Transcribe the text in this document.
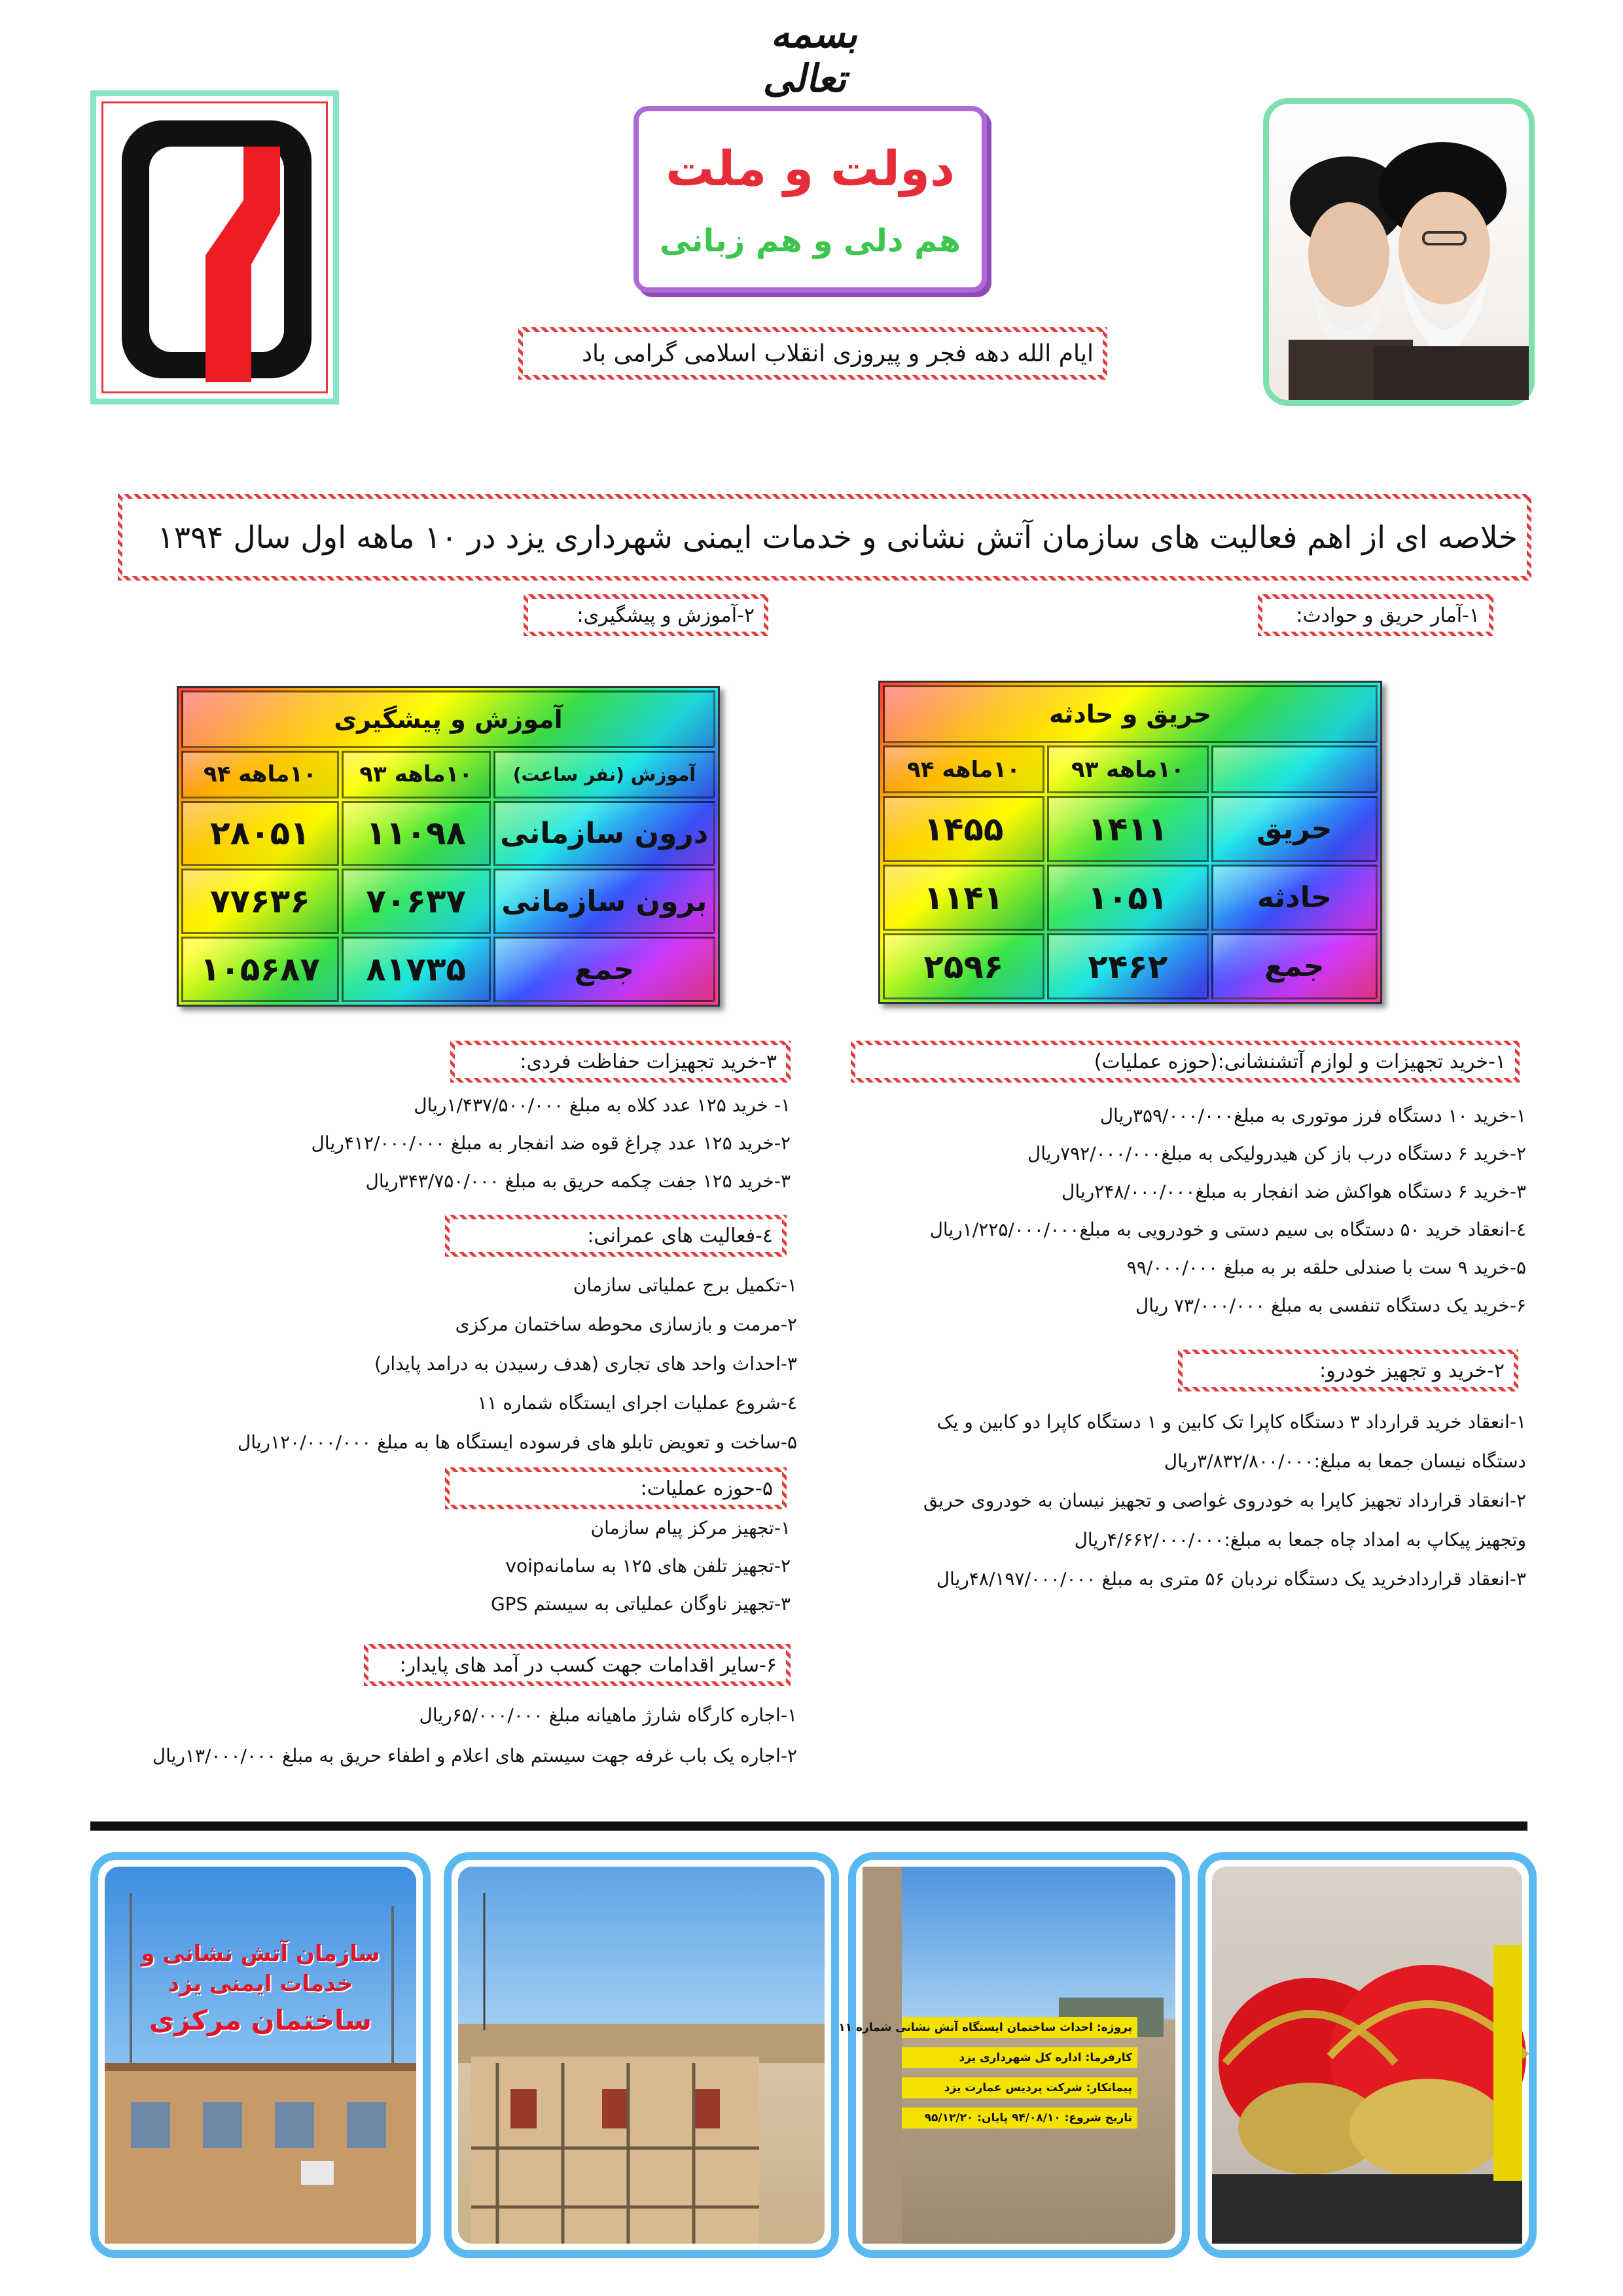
بسمه تعالی
دولت و ملت
هم دلی و هم زبانی
ایام الله دهه فجر و پیروزی انقلاب اسلامی گرامی باد
خلاصه ای از اهم فعالیت های سازمان آتش نشانی و خدمات ایمنی شهرداری یزد در ۱۰ ماهه اول سال ۱۳۹۴
۱-آمار حریق و حوادث:
۲-آموزش و پیشگیری:
حریق و حادثه		
	۱۰ماهه ۹۳	۱۰ماهه ۹۴
حریق	۱۴۱۱	۱۴۵۵
حادثه	۱۰۵۱	۱۱۴۱
جمع	۲۴۶۲	۲۵۹۶
آموزش و پیشگیری		
آموزش (نفر ساعت)	۱۰ماهه ۹۳	۱۰ماهه ۹۴
درون سازمانی	۱۱۰۹۸	۲۸۰۵۱
برون سازمانی	۷۰۶۳۷	۷۷۶۳۶
جمع	۸۱۷۳۵	۱۰۵۶۸۷
۱-خرید تجهیزات و لوازم آتشنشانی:(حوزه عملیات)
۱-خرید ۱۰ دستگاه فرز موتوری به مبلغ۳۵۹/۰۰۰/۰۰۰ریال
۲-خرید ۶ دستگاه درب باز کن هیدرولیکی به مبلغ۷۹۲/۰۰۰/۰۰۰ریال
۳-خرید ۶ دستگاه هواکش ضد انفجار به مبلغ۲۴۸/۰۰۰/۰۰۰ریال
٤-انعقاد خرید ۵۰ دستگاه بی سیم دستی و خودرویی به مبلغ۱/۲۲۵/۰۰۰/۰۰۰ریال
۵-خرید ۹ ست با صندلی حلقه بر به مبلغ ۹۹/۰۰۰/۰۰۰
۶-خرید یک دستگاه تنفسی به مبلغ ۷۳/۰۰۰/۰۰۰ ریال
۲-خرید و تجهیز خودرو:
۱-انعقاد خرید قرارداد ۳ دستگاه کاپرا تک کابین و ۱ دستگاه کاپرا دو کابین و یک
دستگاه نیسان جمعا به مبلغ:۳/۸۳۲/۸۰۰/۰۰۰ریال
۲-انعقاد قرارداد تجهیز کاپرا به خودروی غواصی و تجهیز نیسان به خودروی حریق
وتجهیز پیکاپ به امداد چاه جمعا به مبلغ:۴/۶۶۲/۰۰۰/۰۰۰ریال
۳-انعقاد قراردادخرید یک دستگاه نردبان ۵۶ متری به مبلغ ۴۸/۱۹۷/۰۰۰/۰۰۰ریال
۳-خرید تجهیزات حفاظت فردی:
۱- خرید ۱۲۵ عدد کلاه به مبلغ ۱/۴۳۷/۵۰۰/۰۰۰ریال
۲-خرید ۱۲۵ عدد چراغ قوه ضد انفجار به مبلغ ۴۱۲/۰۰۰/۰۰۰ریال
۳-خرید ۱۲۵ جفت چکمه حریق به مبلغ ۳۴۳/۷۵۰/۰۰۰ریال
٤-فعالیت های عمرانی:
۱-تکمیل برج عملیاتی سازمان
۲-مرمت و بازسازی محوطه ساختمان مرکزی
۳-احداث واحد های تجاری (هدف رسیدن به درامد پایدار)
٤-شروع عملیات اجرای ایستگاه شماره ۱۱
۵-ساخت و تعویض تابلو های فرسوده ایستگاه ها به مبلغ ۱۲۰/۰۰۰/۰۰۰ریال
۵-حوزه عملیات:
۱-تجهیز مرکز پیام سازمان
۲-تجهیز تلفن های ۱۲۵ به سامانهvoip
۳-تجهیز ناوگان عملیاتی به سیستم GPS
۶-سایر اقدامات جهت کسب در آمد های پایدار:
۱-اجاره کارگاه شارژ ماهیانه مبلغ ۶۵/۰۰۰/۰۰۰ریال
۲-اجاره یک باب غرفه جهت سیستم های اعلام و اطفاء حریق به مبلغ ۱۳/۰۰۰/۰۰۰ریال
سازمان آتش نشانی و خدمات ایمنی یزد
ساختمان مرکزی	پروژه: احداث ساختمان ایستگاه آتش نشانی شماره ۱۱
کارفرما: اداره کل شهرداری یزد
پیمانکار: شرکت پردیس عمارت یزد
تاریخ شروع: ۹۴/۰۸/۱۰ پایان: ۹۵/۱۲/۲۰
